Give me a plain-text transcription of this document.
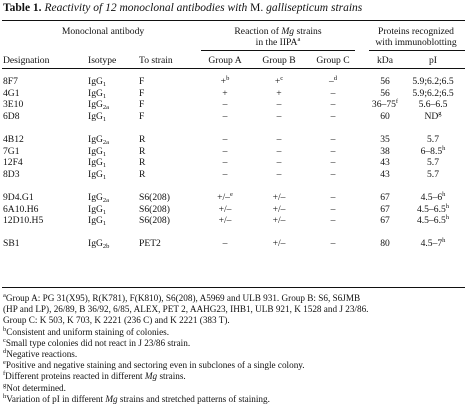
Table 1. Reactivity of 12 monoclonal antibodies with M. gallisepticum strains
Monoclonal antibody	Reaction of Mg strains
in the IIPA$^a$
Proteins recognized
with immunoblotting
Designation	Isotype To strain	Group A	Group B	Group C	kDa	pI
8F7	IgG$_1$	F	+$^b$	+$^c$	–$^d$	56	5.9;6.2;6.5
4G1	IgG$_1$	F	+	+	–	56	5.9;6.2;6.5
3E10	IgG$_{2a}$	F	–	–	–	36–75$^f$	5.6–6.5
6D8	IgG$_1$	F	–	–	–	60	$ND^g$
4B12	IgG$_{2a}$	R	–	–	–	35	5.7
7G1	IgG$_1$	R	–	–	–	38	6–8.5$^h$
12F4	IgG$_1$	R	–	–	–	43	5.7
8D3	IgG$_1$	R	–	–	–	43	5.7
9D4.G1	IgG$_{2a}$	S6(208)	+/–$^e$	+/–	–	67	4.5–6$^h$
6A10.H6	IgG$_1$	S6(208)	+/–	+/–	–	67	4.5–6.5$^h$
12D10.H5	IgG$_1$	S6(208)	+/–	+/–	–	67	4.5–6.5$^h$
SB1	IgG$_{2b}$	PET2	–	+/–	–	80	4.5–7$^h$
$^a$Group A: PG 31(X95), R(K781), F(K810), S6(208), A5969 and ULB 931. Group B: S6, S6JMB
(HP and LP), 26/89, B 36/92, 6/85, ALEX, PET 2, AAHG23, IHB1, ULB 921, K 1528 and J 23/86.
Group C: K 503, K 703, K 2221 (236 C) and K 2221 (383 T).
$^b$Consistent and uniform staining of colonies.
$^c$Small type colonies did not react in J 23/86 strain.
$^d$Negative reactions.
$^e$Positive and negative staining and sectoring even in subclones of a single colony.
$^f$Different proteins reacted in different Mg strains.
$^g$Not determined.
$^h$Variation of pI in different Mg strains and stretched patterns of staining.
